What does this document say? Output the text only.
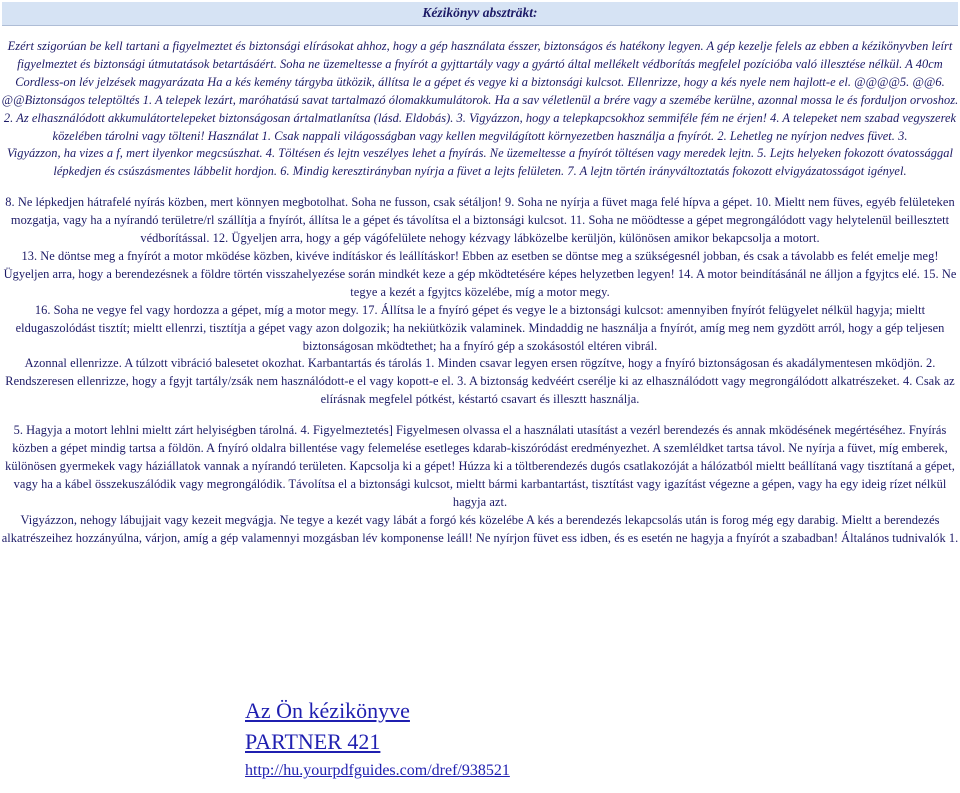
Kézikönyv abszträkt:

Ezért szigorúan be kell tartani a figyelmeztet és biztonsági elírásokat ahhoz, hogy a gép használata ésszer, biztonságos és hatékony legyen. A gép kezelje felels az ebben a kézikönyvben leírt figyelmeztet és biztonsági útmutatások betartásáért. Soha ne üzemeltesse a fnyírót a gyjttartály vagy a gyártó által mellékelt védborítás megfelel pozícióba való illesztése nélkül. A 40cm Cordless-on lév jelzések magyarázata Ha a kés kemény tárgyba ütközik, állítsa le a gépet és vegye ki a biztonsági kulcsot. Ellenrizze, hogy a kés nyele nem hajlott-e el. @@@@5. @@6. @@Biztonságos teleptöltés 1. A telepek lezárt, maróhatású savat tartalmazó ólomakkumulátorok. Ha a sav véletlenül a brére vagy a szemébe kerülne, azonnal mossa le és forduljon orvoshoz.

2. Az elhasználódott akkumulátortelepeket biztonságosan ártalmatlanítsa (lásd. Eldobás). 3. Vigyázzon, hogy a telepkapcsokhoz semmiféle fém ne érjen! 4. A telepeket nem szabad vegyszerek közelében tárolni vagy tölteni! Használat 1. Csak nappali világosságban vagy kellen megvilágított környezetben használja a fnyírót. 2. Lehetleg ne nyírjon nedves füvet. 3.

Vigyázzon, ha vizes a f, mert ilyenkor megcsúszhat. 4. Töltésen és lejtn veszélyes lehet a fnyírás. Ne üzemeltesse a fnyírót töltésen vagy meredek lejtn. 5. Lejts helyeken fokozott óvatossággal lépkedjen és csúszásmentes lábbelit hordjon. 6. Mindig keresztirányban nyírja a füvet a lejts felületen. 7. A lejtn történ irányváltoztatás fokozott elvigyázatosságot igényel.

8. Ne lépkedjen hátrafelé nyírás közben, mert könnyen megbotolhat. Soha ne fusson, csak sétáljon! 9. Soha ne nyírja a füvet maga felé hípva a gépet. 10. Mieltt nem füves, egyéb felületeken mozgatja, vagy ha a nyírandó területre/rl szállítja a fnyírót, állítsa le a gépet és távolítsa el a biztonsági kulcsot. 11. Soha ne möödtesse a gépet megrongálódott vagy helytelenül beillesztett védborítással. 12. Ügyeljen arra, hogy a gép vágófelülete nehogy kézvagy lábközelbe kerüljön, különösen amikor bekapcsolja a motort.

13. Ne döntse meg a fnyírót a motor mködése közben, kivéve indításkor és leállításkor! Ebben az esetben se döntse meg a szükségesnél jobban, és csak a távolabb es felét emelje meg! Ügyeljen arra, hogy a berendezésnek a földre történ visszahelyezése során mindkét keze a gép mködtetésére képes helyzetben legyen! 14. A motor beindításánál ne álljon a fgyjtcs elé. 15. Ne tegye a kezét a fgyjtcs közelébe, míg a motor megy.

16. Soha ne vegye fel vagy hordozza a gépet, míg a motor megy. 17. Állítsa le a fnyíró gépet és vegye le a biztonsági kulcsot: amennyiben fnyírót felügyelet nélkül hagyja; mieltt eldugaszolódást tisztít; mieltt ellenrzi, tisztítja a gépet vagy azon dolgozik; ha nekiütközik valaminek. Mindaddig ne használja a fnyírót, amíg meg nem gyzdött arról, hogy a gép teljesen biztonságosan mködtethet; ha a fnyíró gép a szokásostól eltéren vibrál.

Azonnal ellenrizze. A túlzott vibráció balesetet okozhat. Karbantartás és tárolás 1. Minden csavar legyen ersen rögzítve, hogy a fnyíró biztonságosan és akadálymentesen mködjön. 2. Rendszeresen ellenrizze, hogy a fgyjt tartály/zsák nem használódott-e el vagy kopott-e el. 3. A biztonság kedvéért cserélje ki az elhasználódott vagy megrongálódott alkatrészeket. 4. Csak az elírásnak megfelel pótkést, késtartó csavart és illesztt használja.

5. Hagyja a motort lehlni mieltt zárt helyiségben tárolná. 4. Figyelmeztetés] Figyelmesen olvassa el a használati utasítást a vezérl berendezés és annak mködésének megértéséhez. Fnyírás közben a gépet mindig tartsa a földön. A fnyíró oldalra billentése vagy felemelése esetleges kdarab-kiszóródást eredményezhet. A szemléldket tartsa távol. Ne nyírja a füvet, míg emberek, különösen gyermekek vagy háziállatok vannak a nyírandó területen. Kapcsolja ki a gépet! Húzza ki a töltberendezés dugós csatlakozóját a hálózatból mieltt beállítaná vagy tisztítaná a gépet, vagy ha a kábel összekuszálódik vagy megrongálódik. Távolítsa el a biztonsági kulcsot, mieltt bármi karbantartást, tisztítást vagy igazítást végezne a gépen, vagy ha egy ideig rízet nélkül hagyja azt.

Vigyázzon, nehogy lábujjait vagy kezeit megvágja. Ne tegye a kezét vagy lábát a forgó kés közelébe A kés a berendezés lekapcsolás után is forog még egy darabig. Mieltt a berendezés alkatrészeihez hozzányúlna, várjon, amíg a gép valamennyi mozgásban lév komponense leáll! Ne nyírjon füvet ess idben, és es esetén ne hagyja a fnyírót a szabadban! Általános tudnivalók 1.

Az Ön kézikönyve
PARTNER 421
http://hu.yourpdfguides.com/dref/938521
